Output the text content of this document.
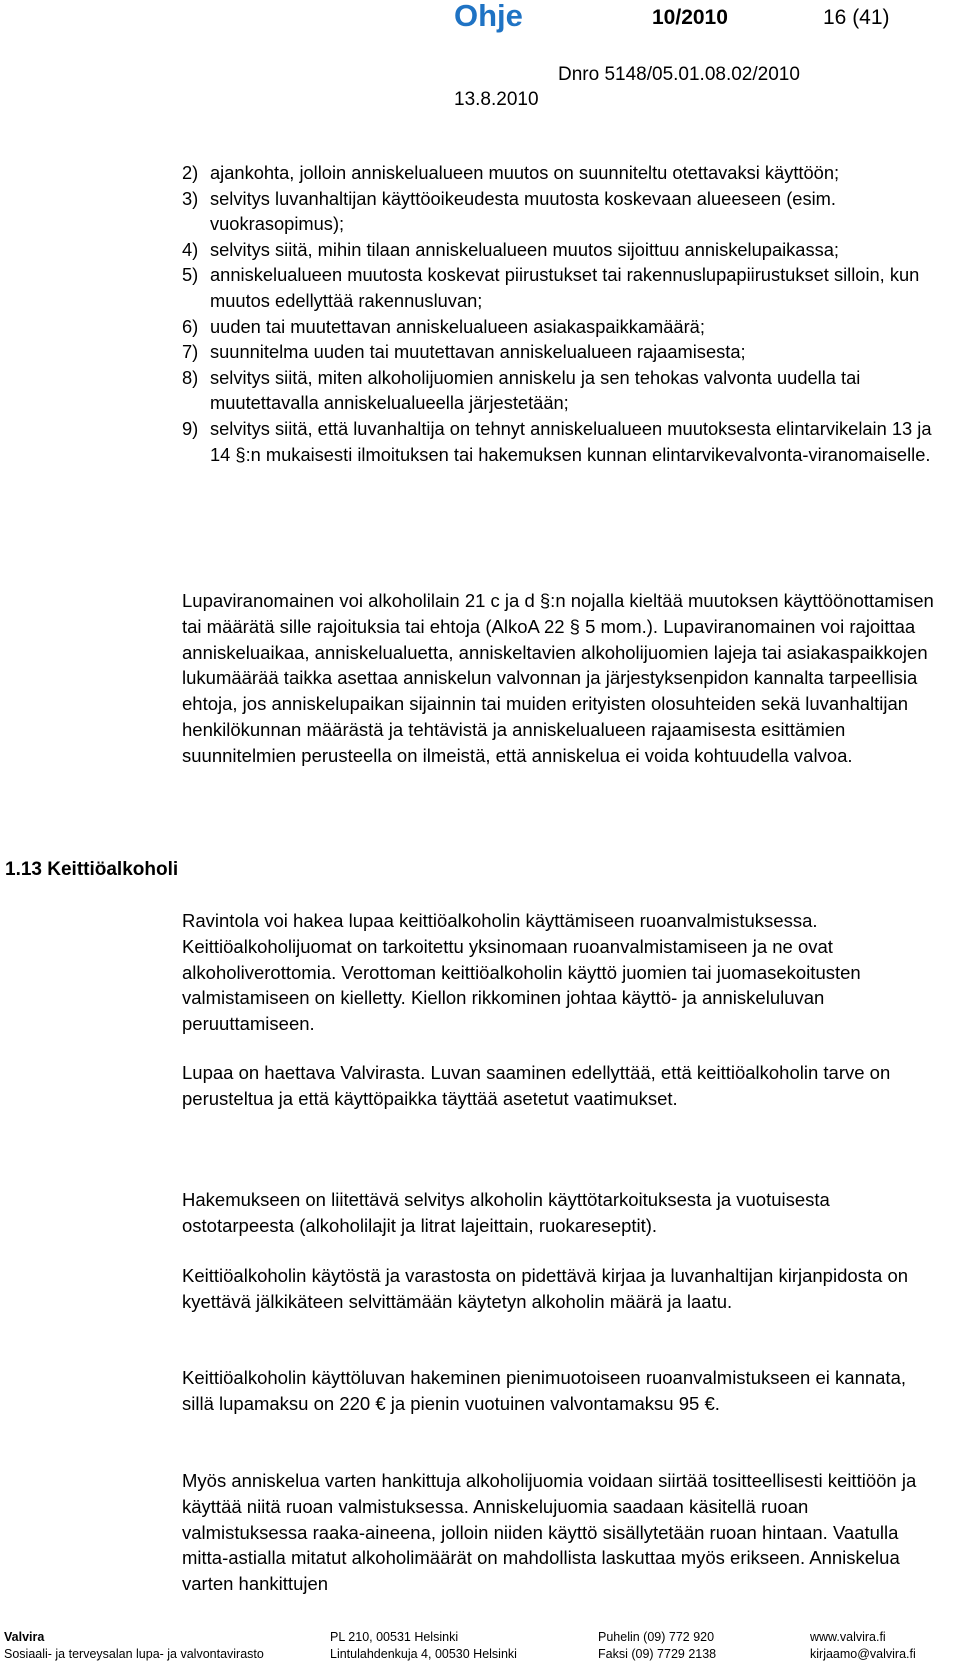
Ohje	10/2010	16 (41)
Dnro 5148/05.01.08.02/2010
13.8.2010
2) ajankohta, jolloin anniskelualueen muutos on suunniteltu otettavaksi käyttöön;
3) selvitys luvanhaltijan käyttöoikeudesta muutosta koskevaan alueeseen (esim. vuokrasopimus);
4) selvitys siitä, mihin tilaan anniskelualueen muutos sijoittuu anniskelupaikassa;
5) anniskelualueen muutosta koskevat piirustukset tai rakennuslupapiirustukset silloin, kun muutos edellyttää rakennusluvan;
6) uuden tai muutettavan anniskelualueen asiakaspaikkamäärä;
7) suunnitelma uuden tai muutettavan anniskelualueen rajaamisesta;
8) selvitys siitä, miten alkoholijuomien anniskelu ja sen tehokas valvonta uudella tai muutettavalla anniskelualueella järjestetään;
9) selvitys siitä, että luvanhaltija on tehnyt anniskelualueen muutoksesta elintarvikelain 13 ja 14 §:n mukaisesti ilmoituksen tai hakemuksen kunnan elintarvikevalvonta-viranomaiselle.

Lupaviranomainen voi alkoholilain 21 c ja d §:n nojalla kieltää muutoksen käyttöönottamisen tai määrätä sille rajoituksia tai ehtoja (AlkoA 22 § 5 mom.). Lupaviranomainen voi rajoittaa anniskeluaikaa, anniskelualuetta, anniskeltavien alkoholijuomien lajeja tai asiakaspaikkojen lukumäärää taikka asettaa anniskelun valvonnan ja järjestyksenpidon kannalta tarpeellisia ehtoja, jos anniskelupaikan sijainnin tai muiden erityisten olosuhteiden sekä luvanhaltijan henkilökunnan määrästä ja tehtävistä ja anniskelualueen rajaamisesta esittämien suunnitelmien perusteella on ilmeistä, että anniskelua ei voida kohtuudella valvoa.

1.13 Keittiöalkoholi

Ravintola voi hakea lupaa keittiöalkoholin käyttämiseen ruoanvalmistuksessa. Keittiöalkoholijuomat on tarkoitettu yksinomaan ruoanvalmistamiseen ja ne ovat alkoholiverottomia. Verottoman keittiöalkoholin käyttö juomien tai juomasekoitusten valmistamiseen on kielletty. Kiellon rikkominen johtaa käyttö- ja anniskeluluvan peruuttamiseen.

Lupaa on haettava Valvirasta. Luvan saaminen edellyttää, että keittiöalkoholin tarve on perusteltua ja että käyttöpaikka täyttää asetetut vaatimukset.

Hakemukseen on liitettävä selvitys alkoholin käyttötarkoituksesta ja vuotuisesta ostotarpeesta (alkoholilajit ja litrat lajeittain, ruokareseptit).

Keittiöalkoholin käytöstä ja varastosta on pidettävä kirjaa ja luvanhaltijan kirjanpidosta on kyettävä jälkikäteen selvittämään käytetyn alkoholin määrä ja laatu.

Keittiöalkoholin käyttöluvan hakeminen pienimuotoiseen ruoanvalmistukseen ei kannata, sillä lupamaksu on 220 € ja pienin vuotuinen valvontamaksu 95 €.

Myös anniskelua varten hankittuja alkoholijuomia voidaan siirtää tositteellisesti keittiöön ja käyttää niitä ruoan valmistuksessa. Anniskelujuomia saadaan käsitellä ruoan valmistuksessa raaka-aineena, jolloin niiden käyttö sisällytetään ruoan hintaan. Vaatulla mitta-astialla mitatut alkoholimäärät on mahdollista laskuttaa myös erikseen. Anniskelua varten hankittujen

Valvira
Sosiaali- ja terveysalan lupa- ja valvontavirasto
PL 210, 00531 Helsinki
Lintulahdenkuja 4, 00530 Helsinki
Puhelin (09) 772 920
Faksi (09) 7729 2138
www.valvira.fi
kirjaamo@valvira.fi
